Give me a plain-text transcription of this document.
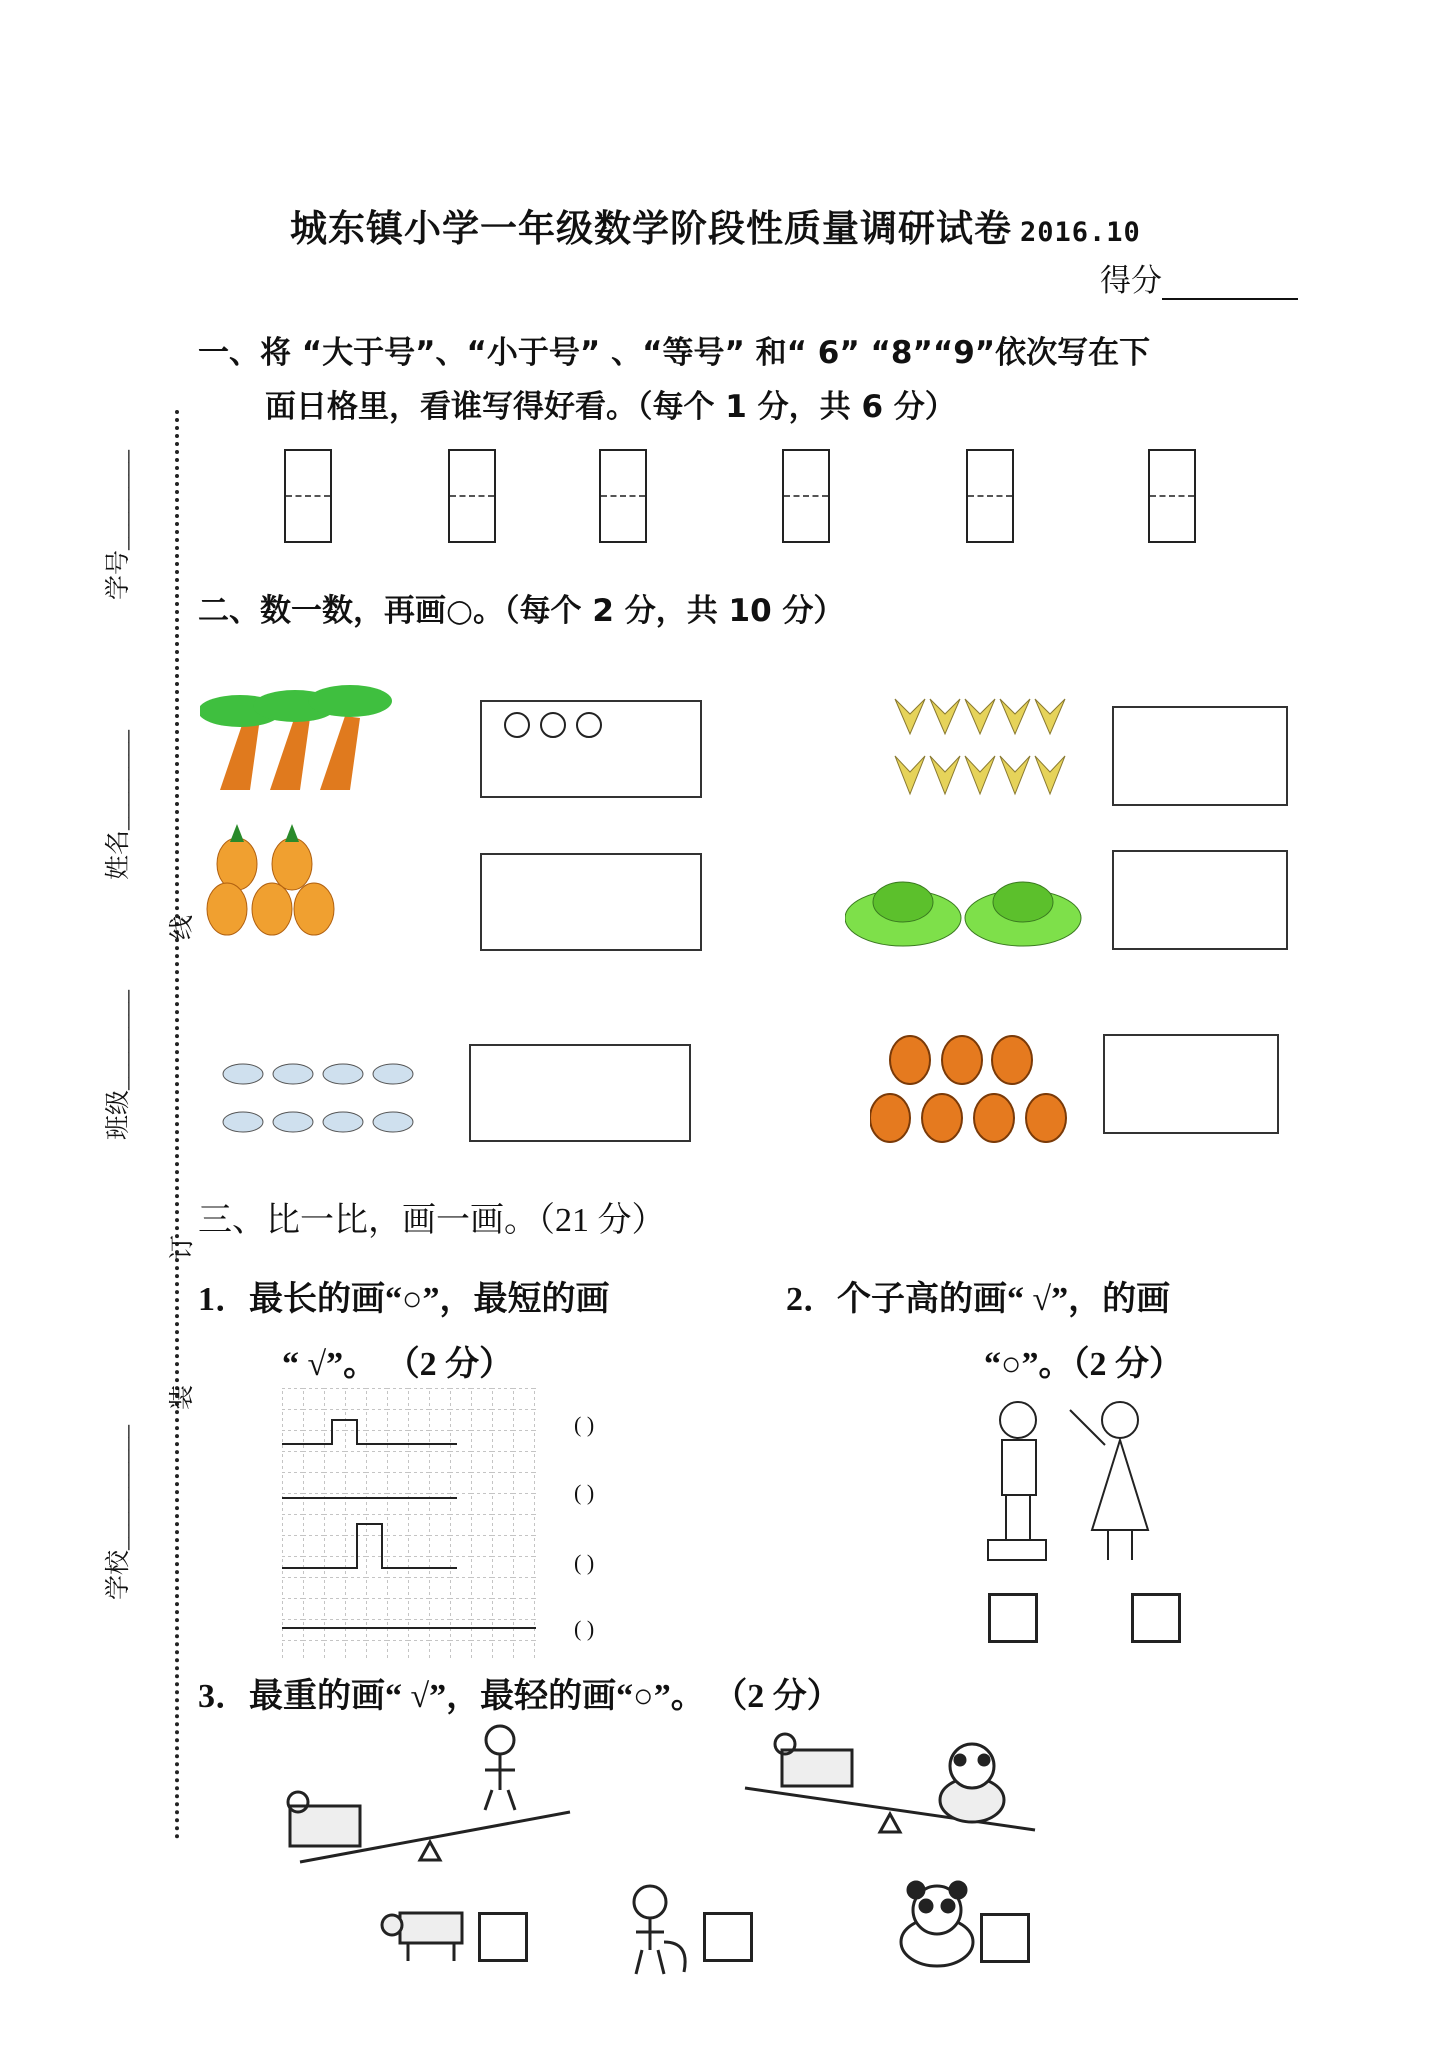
城东镇小学一年级数学阶段性质量调研试卷 2016.10
得分
学号________
姓名________
班级________
学校__________
线
订
装
一、将 “大于号”、“小于号” 、“等号” 和“ 6” “8”“9”依次写在下
面日格里，看谁写得好看。（每个 1 分，共 6 分）
二、数一数，再画○。（每个 2 分，共 10 分）
三、比一比，画一画。（21 分）
1．最长的画“○”，最短的画
“ √”。 （2 分）
2．个子高的画“ √”，的画
“○”。（2 分）
( )
( )
( )
( )
3．最重的画“ √”，最轻的画“○”。 （2 分）
